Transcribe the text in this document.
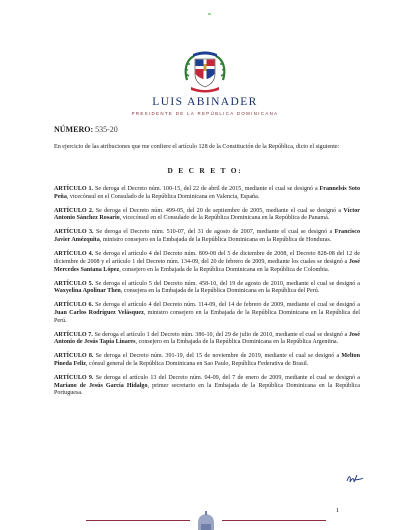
LUIS ABINADER
PRESIDENTE DE LA REPÚBLICA DOMINICANA
NÚMERO: 535-20
En ejercicio de las atribuciones que me confiere el artículo 128 de la Constitución de la República, dicto el siguiente:
D E C R E T O:

ARTÍCULO 1. Se deroga el Decreto núm. 100-15, del 22 de abril de 2015, mediante el cual se designó a Frannelsis Soto Peña, vicecónsul en el Consulado de la República Dominicana en Valencia, España.

ARTÍCULO 2. Se deroga el Decreto núm. 499-05, del 20 de septiembre de 2005, mediante el cual se designó a Víctor Antonio Sánchez Rosario, vicecónsul en el Consulado de la República Dominicana en la República de Panamá.

ARTÍCULO 3. Se deroga el Decreto núm. 510-07, del 31 de agosto de 2007, mediante el cual se designó a Francisco Javier Amézquita, ministro consejero en la Embajada de la República Dominicana en la República de Honduras.

ARTÍCULO 4. Se deroga el artículo 4 del Decreto núm. 809-08 del 5 de diciembre de 2008, el Decreto 828-08 del 12 de diciembre de 2008 y el artículo 1 del Decreto núm. 134-09, del 20 de febrero de 2009, mediante los cuales se designó a José Mercedes Santana López, consejero en la Embajada de la República Dominicana en la República de Colombia.

ARTÍCULO 5. Se deroga el artículo 5 del Decreto núm. 458-10, del 19 de agosto de 2010, mediante el cual se designó a Waxyelina Apolinar Then, consejera en la Embajada de la República Dominicana en la República del Perú.

ARTÍCULO 6. Se deroga el artículo 4 del Decreto núm. 114-09, del 14 de febrero de 2009, mediante el cual se designó a Juan Carlos Rodríguez Velásquez, ministro consejero en la Embajada de la República Dominicana en la República del Perú.

ARTÍCULO 7. Se deroga el artículo 1 del Decreto núm. 386-10, del 29 de julio de 2010, mediante el cual se designó a José Antonio de Jesús Tapia Linares, consejero en la Embajada de la República Dominicana en la República Argentina.

ARTÍCULO 8. Se deroga el Decreto núm. 391-19, del 15 de noviembre de 2019, mediante el cual se designó a Melton Pineda Feliz, cónsul general de la República Dominicana en Sao Paulo, República Federativa de Brasil.

ARTÍCULO 9. Se deroga el artículo 13 del Decreto núm. 04-09, del 7 de enero de 2009, mediante el cual se designó a Mariano de Jesús García Hidalgo, primer secretario en la Embajada de la República Dominicana en la República Portuguesa.

1
